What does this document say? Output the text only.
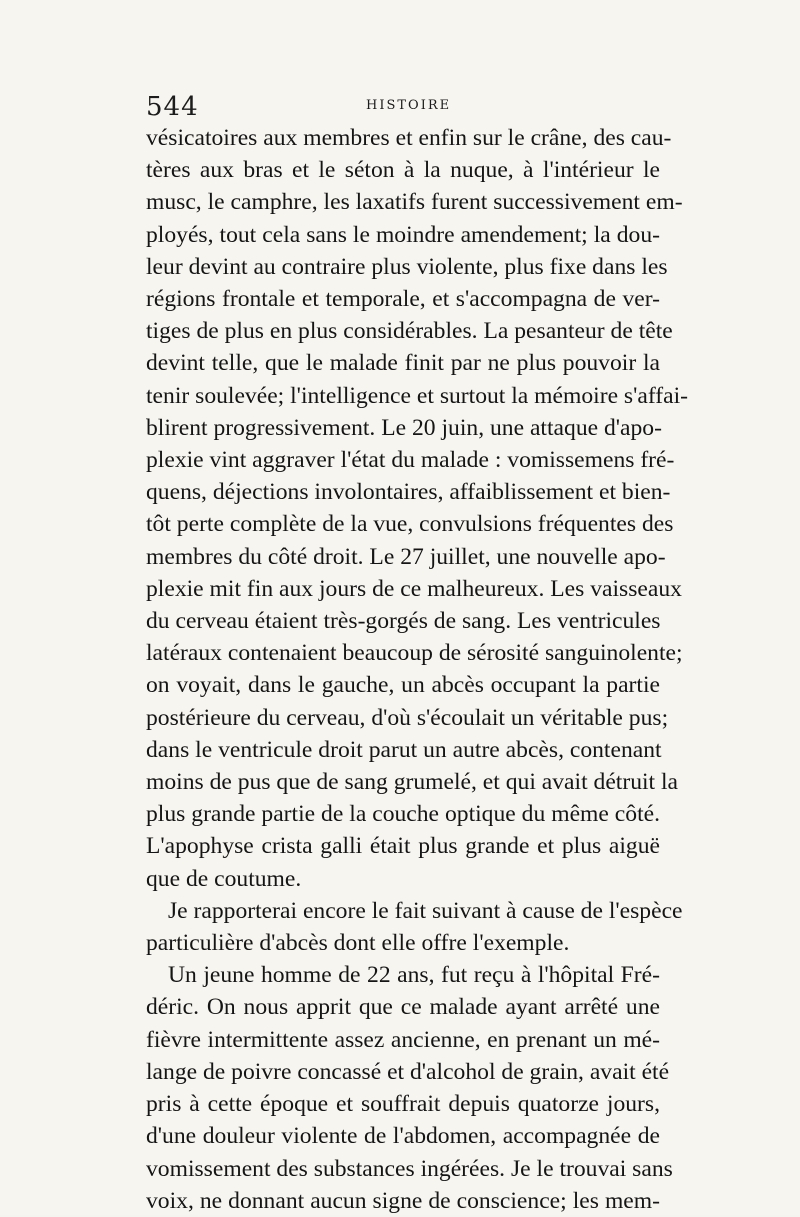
544	HISTOIRE
vésicatoires aux membres et enfin sur le crâne, des cau-
tères aux bras et le séton à la nuque, à l'intérieur le
musc, le camphre, les laxatifs furent successivement em-
ployés, tout cela sans le moindre amendement; la dou-
leur devint au contraire plus violente, plus fixe dans les
régions frontale et temporale, et s'accompagna de ver-
tiges de plus en plus considérables. La pesanteur de tête
devint telle, que le malade finit par ne plus pouvoir la
tenir soulevée; l'intelligence et surtout la mémoire s'affai-
blirent progressivement. Le 20 juin, une attaque d'apo-
plexie vint aggraver l'état du malade : vomissemens fré-
quens, déjections involontaires, affaiblissement et bien-
tôt perte complète de la vue, convulsions fréquentes des
membres du côté droit. Le 27 juillet, une nouvelle apo-
plexie mit fin aux jours de ce malheureux. Les vaisseaux
du cerveau étaient très-gorgés de sang. Les ventricules
latéraux contenaient beaucoup de sérosité sanguinolente;
on voyait, dans le gauche, un abcès occupant la partie
postérieure du cerveau, d'où s'écoulait un véritable pus;
dans le ventricule droit parut un autre abcès, contenant
moins de pus que de sang grumelé, et qui avait détruit la
plus grande partie de la couche optique du même côté.
L'apophyse crista galli était plus grande et plus aiguë
que de coutume.
Je rapporterai encore le fait suivant à cause de l'espèce
particulière d'abcès dont elle offre l'exemple.
Un jeune homme de 22 ans, fut reçu à l'hôpital Fré-
déric. On nous apprit que ce malade ayant arrêté une
fièvre intermittente assez ancienne, en prenant un mé-
lange de poivre concassé et d'alcohol de grain, avait été
pris à cette époque et souffrait depuis quatorze jours,
d'une douleur violente de l'abdomen, accompagnée de
vomissement des substances ingérées. Je le trouvai sans
voix, ne donnant aucun signe de conscience; les mem-
